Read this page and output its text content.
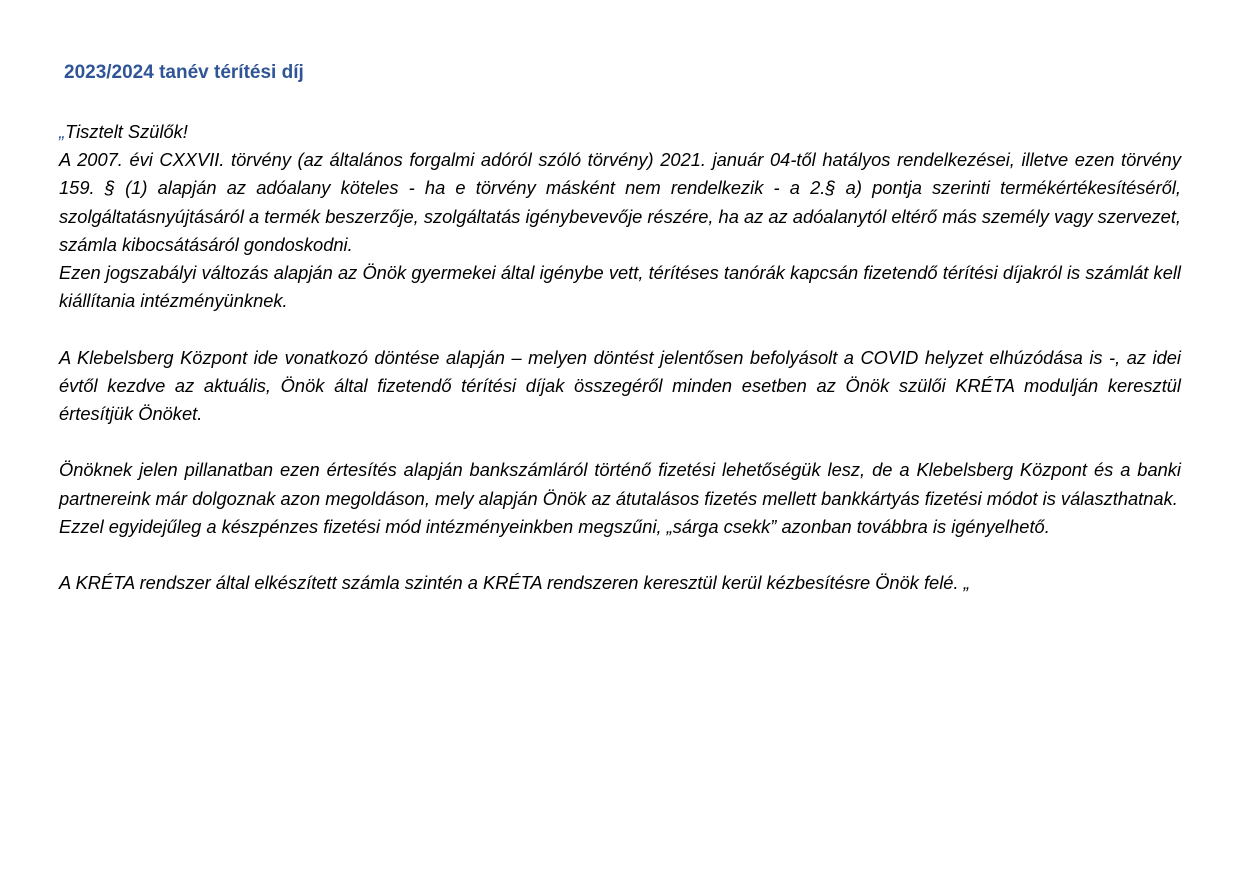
2023/2024 tanév térítési díj

„Tisztelt Szülők!

A 2007. évi CXXVII. törvény (az általános forgalmi adóról szóló törvény) 2021. január 04-től hatályos rendelkezései, illetve ezen törvény 159. § (1) alapján az adóalany köteles - ha e törvény másként nem rendelkezik - a 2.§ a) pontja szerinti termékértékesítéséről, szolgáltatásnyújtásáról a termék beszerzője, szolgáltatás igénybevevője részére, ha az az adóalanytól eltérő más személy vagy szervezet, számla kibocsátásáról gondoskodni.

Ezen jogszabályi változás alapján az Önök gyermekei által igénybe vett, térítéses tanórák kapcsán fizetendő térítési díjakról is számlát kell kiállítania intézményünknek.

A Klebelsberg Központ ide vonatkozó döntése alapján – melyen döntést jelentősen befolyásolt a COVID helyzet elhúzódása is -, az idei évtől kezdve az aktuális, Önök által fizetendő térítési díjak összegéről minden esetben az Önök szülői KRÉTA modulján keresztül értesítjük Önöket.

Önöknek jelen pillanatban ezen értesítés alapján bankszámláról történő fizetési lehetőségük lesz, de a Klebelsberg Központ és a banki partnereink már dolgoznak azon megoldáson, mely alapján Önök az átutalásos fizetés mellett bankkártyás fizetési módot is választhatnak.

Ezzel egyidejűleg a készpénzes fizetési mód intézményeinkben megszűni, „sárga csekk” azonban továbbra is igényelhető.

A KRÉTA rendszer által elkészített számla szintén a KRÉTA rendszeren keresztül kerül kézbesítésre Önök felé. „
